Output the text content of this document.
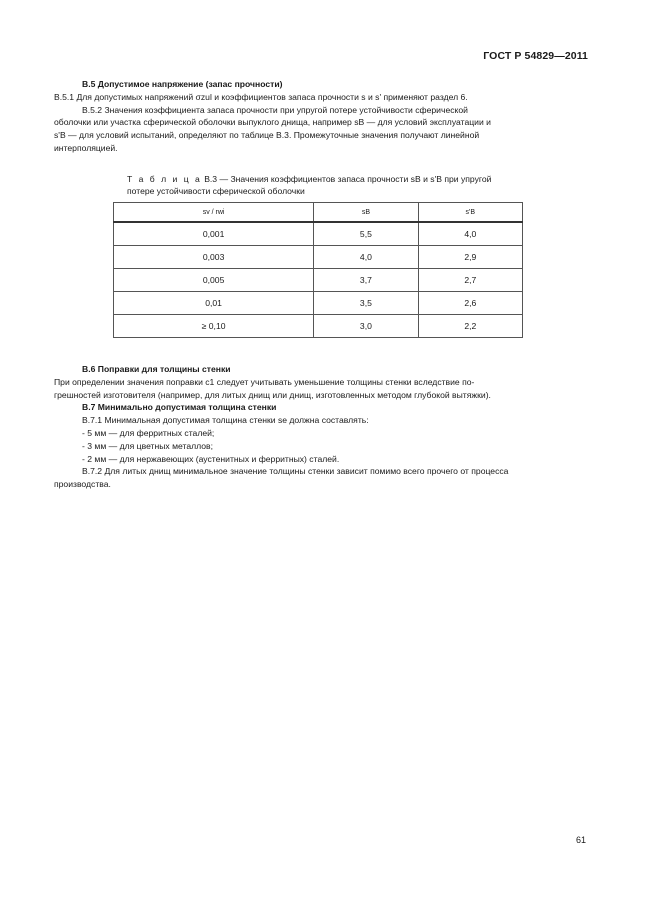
ГОСТ Р 54829—2011
В.5 Допустимое напряжение (запас прочности)
В.5.1 Для допустимых напряжений σzul и коэффициентов запаса прочности s и s' применяют раздел 6.
В.5.2 Значения коэффициента запаса прочности при упругой потере устойчивости сферической
оболочки или участка сферической оболочки выпуклого днища, например sB — для условий эксплуатации и
s'B — для условий испытаний, определяют по таблице В.3. Промежуточные значения получают линейной
интерполяцией.
Т а б л и ц а В.3 — Значения коэффициентов запаса прочности sB и s'B при упругой
потере устойчивости сферической оболочки
sv / rwi	sB	s'B
0,001	5,5	4,0
0,003	4,0	2,9
0,005	3,7	2,7
0,01	3,5	2,6
≥ 0,10	3,0	2,2
В.6 Поправки для толщины стенки
При определении значения поправки c1 следует учитывать уменьшение толщины стенки вследствие по-
грешностей изготовителя (например, для литых днищ или днищ, изготовленных методом глубокой вытяжки).
В.7 Минимально допустимая толщина стенки
В.7.1 Минимальная допустимая толщина стенки se должна составлять:
- 5 мм — для ферритных сталей;
- 3 мм — для цветных металлов;
- 2 мм — для нержавеющих (аустенитных и ферритных) сталей.
В.7.2 Для литых днищ минимальное значение толщины стенки зависит помимо всего прочего от процесса
производства.
61
